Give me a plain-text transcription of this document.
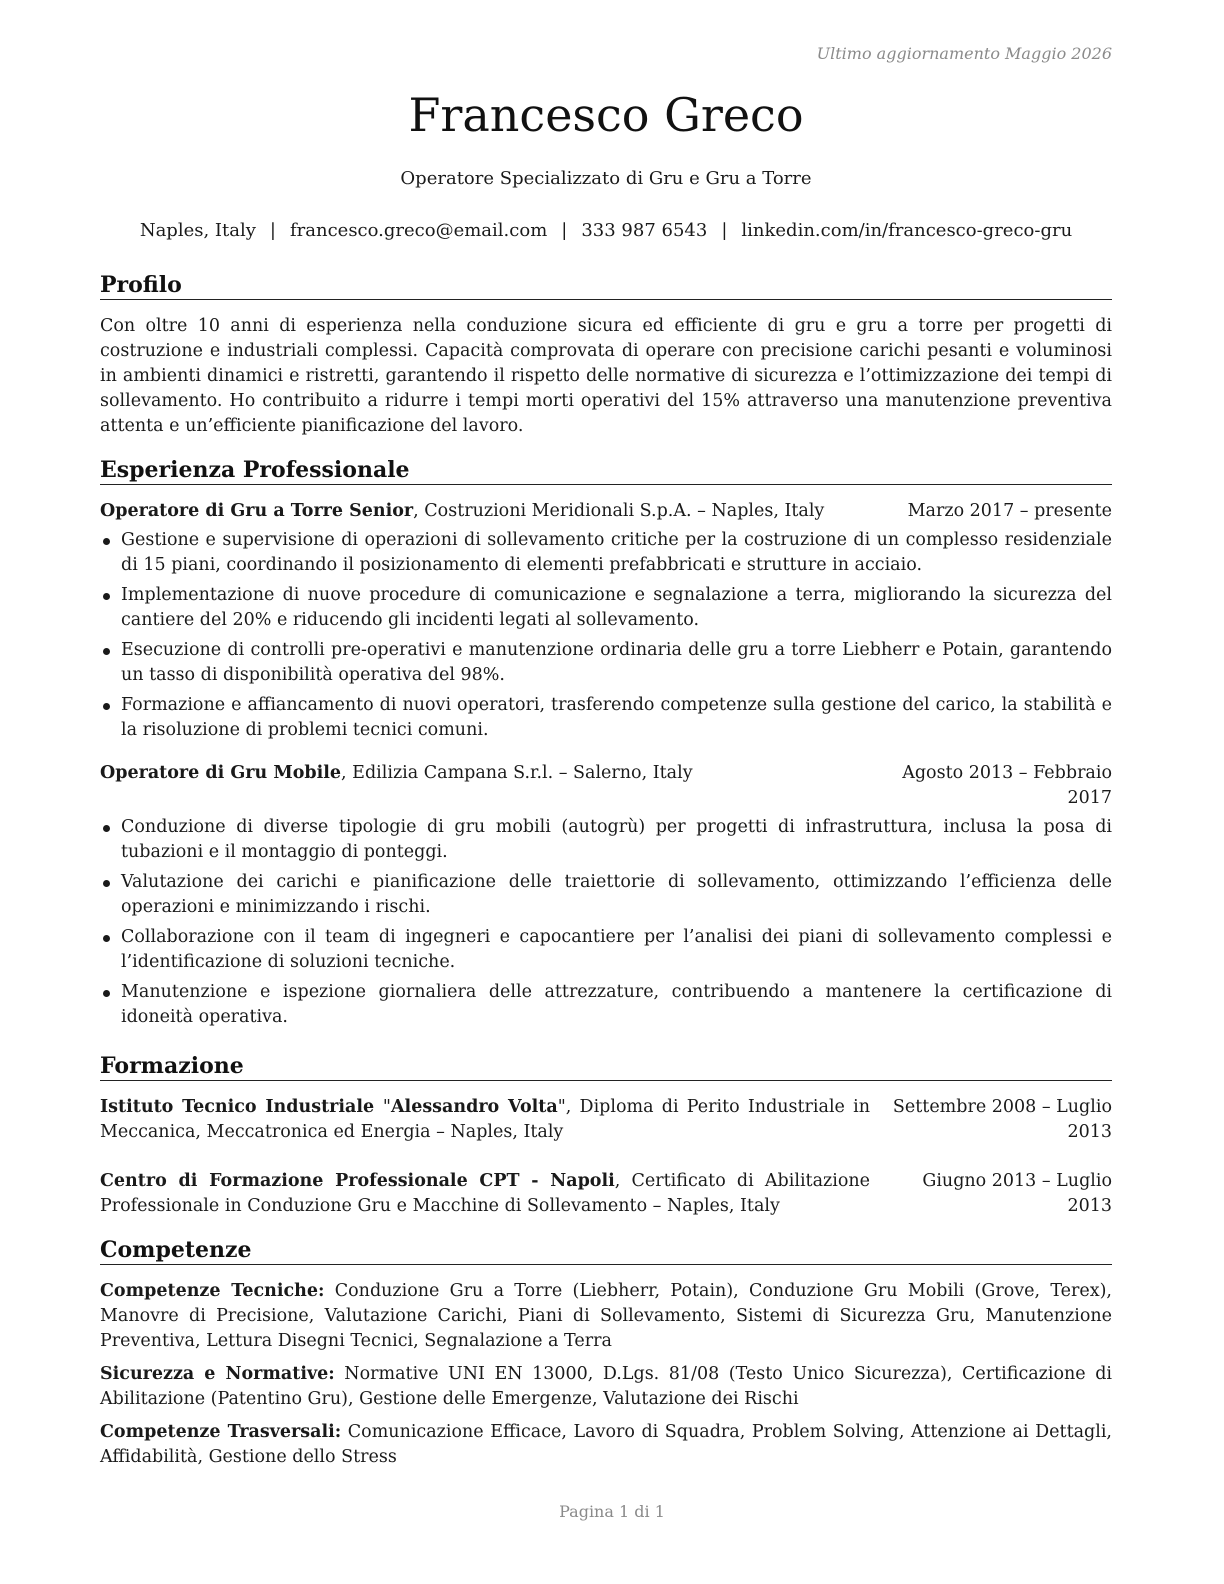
Ultimo aggiornamento Maggio 2026
Francesco Greco
Operatore Specializzato di Gru e Gru a Torre
Naples, Italy | francesco.greco@email.com | 333 987 6543 | linkedin.com/in/francesco-greco-gru
Profilo
Con oltre 10 anni di esperienza nella conduzione sicura ed efficiente di gru e gru a torre per progetti di costruzione e industriali complessi. Capacità comprovata di operare con precisione carichi pesanti e voluminosi in ambienti dinamici e ristretti, garantendo il rispetto delle normative di sicurezza e l’ottimizzazione dei tempi di sollevamento. Ho contribuito a ridurre i tempi morti operativi del 15% attraverso una manutenzione preventiva attenta e un’efficiente pianificazione del lavoro.
Esperienza Professionale
Operatore di Gru a Torre Senior, Costruzioni Meridionali S.p.A. – Naples, Italy	Marzo 2017 – presente
Gestione e supervisione di operazioni di sollevamento critiche per la costruzione di un complesso residenziale di 15 piani, coordinando il posizionamento di elementi prefabbricati e strutture in acciaio.
Implementazione di nuove procedure di comunicazione e segnalazione a terra, migliorando la sicurezza del cantiere del 20% e riducendo gli incidenti legati al sollevamento.
Esecuzione di controlli pre-operativi e manutenzione ordinaria delle gru a torre Liebherr e Potain, garantendo un tasso di disponibilità operativa del 98%.
Formazione e affiancamento di nuovi operatori, trasferendo competenze sulla gestione del carico, la stabilità e la risoluzione di problemi tecnici comuni.
Operatore di Gru Mobile, Edilizia Campana S.r.l. – Salerno, Italy	Agosto 2013 – Febbraio
2017
Conduzione di diverse tipologie di gru mobili (autogrù) per progetti di infrastruttura, inclusa la posa di tubazioni e il montaggio di ponteggi.
Valutazione dei carichi e pianificazione delle traiettorie di sollevamento, ottimizzando l’efficienza delle operazioni e minimizzando i rischi.
Collaborazione con il team di ingegneri e capocantiere per l’analisi dei piani di sollevamento complessi e l’identificazione di soluzioni tecniche.
Manutenzione e ispezione giornaliera delle attrezzature, contribuendo a mantenere la certificazione di idoneità operativa.
Formazione
Istituto Tecnico Industriale "Alessandro Volta", Diploma di Perito Industriale in Meccanica, Meccatronica ed Energia – Naples, Italy
Settembre 2008 – Luglio
2013
Centro di Formazione Professionale CPT - Napoli, Certificato di Abilitazione Professionale in Conduzione Gru e Macchine di Sollevamento – Naples, Italy
Giugno 2013 – Luglio 2013
Competenze
Competenze Tecniche: Conduzione Gru a Torre (Liebherr, Potain), Conduzione Gru Mobili (Grove, Terex), Manovre di Precisione, Valutazione Carichi, Piani di Sollevamento, Sistemi di Sicurezza Gru, Manutenzione Preventiva, Lettura Disegni Tecnici, Segnalazione a Terra
Sicurezza e Normative: Normative UNI EN 13000, D.Lgs. 81/08 (Testo Unico Sicurezza), Certificazione di Abilitazione (Patentino Gru), Gestione delle Emergenze, Valutazione dei Rischi
Competenze Trasversali: Comunicazione Efficace, Lavoro di Squadra, Problem Solving, Attenzione ai Dettagli, Affidabilità, Gestione dello Stress
Pagina 1 di 1
